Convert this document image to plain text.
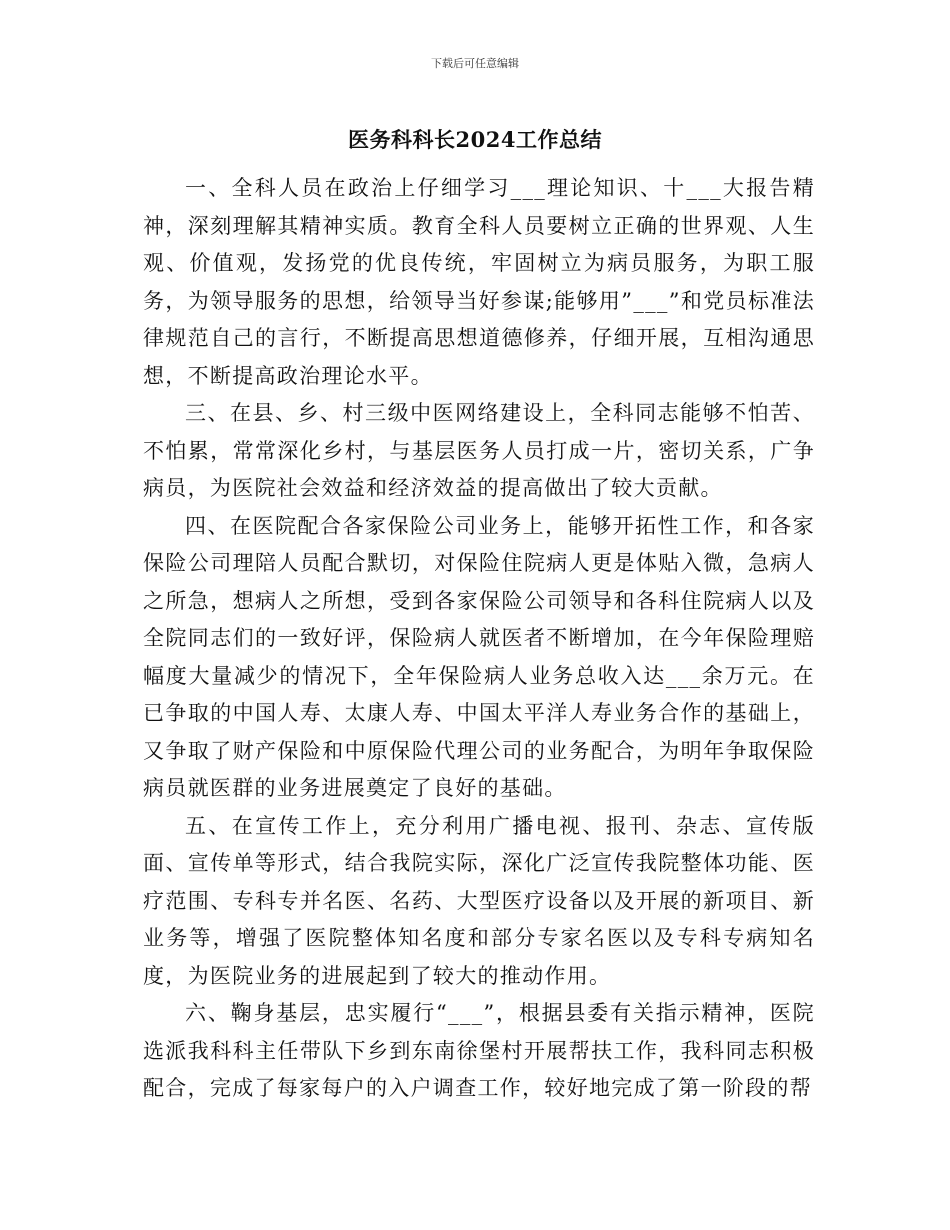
下载后可任意编辑
医务科科长2024工作总结

一、全科人员在政治上仔细学习___理论知识、十___大报告精神，深刻理解其精神实质。教育全科人员要树立正确的世界观、人生观、价值观，发扬党的优良传统，牢固树立为病员服务，为职工服务，为领导服务的思想，给领导当好参谋;能够用”___”和党员标准法律规范自己的言行，不断提高思想道德修养，仔细开展，互相沟通思想，不断提高政治理论水平。

三、在县、乡、村三级中医网络建设上，全科同志能够不怕苦、不怕累，常常深化乡村，与基层医务人员打成一片，密切关系，广争病员，为医院社会效益和经济效益的提高做出了较大贡献。

四、在医院配合各家保险公司业务上，能够开拓性工作，和各家保险公司理陪人员配合默切，对保险住院病人更是体贴入微，急病人之所急，想病人之所想，受到各家保险公司领导和各科住院病人以及全院同志们的一致好评，保险病人就医者不断增加，在今年保险理赔幅度大量减少的情况下，全年保险病人业务总收入达___余万元。在已争取的中国人寿、太康人寿、中国太平洋人寿业务合作的基础上，又争取了财产保险和中原保险代理公司的业务配合，为明年争取保险病员就医群的业务进展奠定了良好的基础。

五、在宣传工作上，充分利用广播电视、报刊、杂志、宣传版面、宣传单等形式，结合我院实际，深化广泛宣传我院整体功能、医疗范围、专科专并名医、名药、大型医疗设备以及开展的新项目、新业务等，增强了医院整体知名度和部分专家名医以及专科专病知名度，为医院业务的进展起到了较大的推动作用。

六、鞠身基层，忠实履行“___”，根据县委有关指示精神，医院选派我科科主任带队下乡到东南徐堡村开展帮扶工作，我科同志积极配合，完成了每家每户的入户调查工作，较好地完成了第一阶段的帮
